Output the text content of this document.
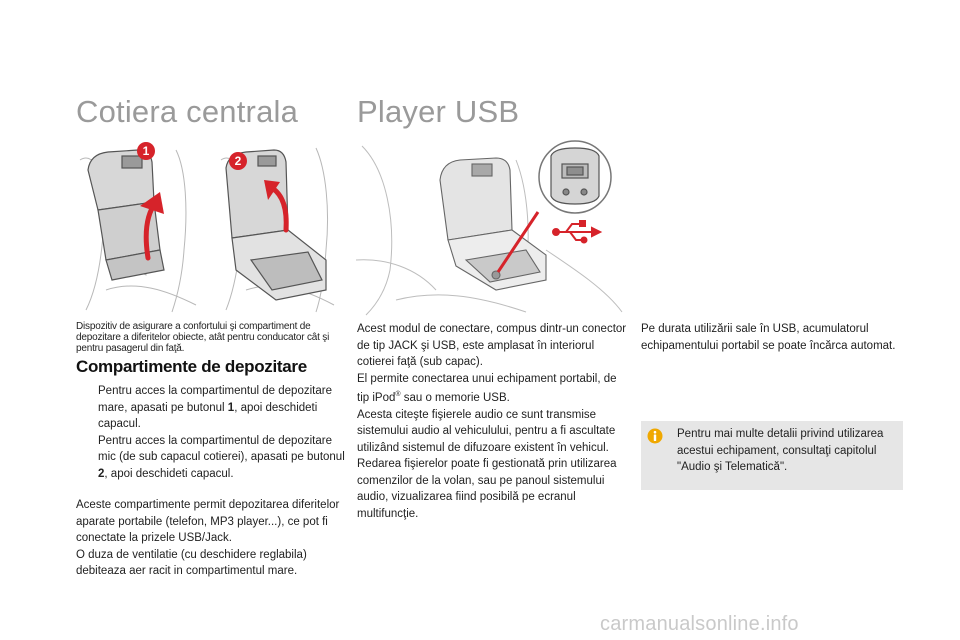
Cotiera centrala Player USB
1
2
Dispozitiv de asigurare a confortului şi compartiment de depozitare a diferitelor obiecte, atât pentru conducator cât şi pentru pasagerul din faţă.
Compartimente de depozitare
Pentru acces la compartimentul de depozitare mare, apasati pe butonul 1, apoi deschideti capacul.
Pentru acces la compartimentul de depozitare mic (de sub capacul cotierei), apasati pe butonul 2, apoi deschideti capacul.
Aceste compartimente permit depozitarea diferitelor aparate portabile (telefon, MP3 player...), ce pot fi conectate la prizele USB/Jack.
O duza de ventilatie (cu deschidere reglabila) debiteaza aer racit in compartimentul mare.
Acest modul de conectare, compus dintr-un conector de tip JACK şi USB, este amplasat în interiorul cotierei faţă (sub capac).
El permite conectarea unui echipament portabil, de tip iPod® sau o memorie USB.
Acesta citeşte fişierele audio ce sunt transmise sistemului audio al vehiculului, pentru a fi ascultate utilizând sistemul de difuzoare existent în vehicul.
Redarea fişierelor poate fi gestionată prin utilizarea comenzilor de la volan, sau pe panoul sistemului audio, vizualizarea fiind posibilă pe ecranul multifuncţie.
Pe durata utilizării sale în USB, acumulatorul echipamentului portabil se poate încărca automat.
Pentru mai multe detalii privind utilizarea acestui echipament, consultaţi capitolul "Audio şi Telematică".
carmanualsonline.info
